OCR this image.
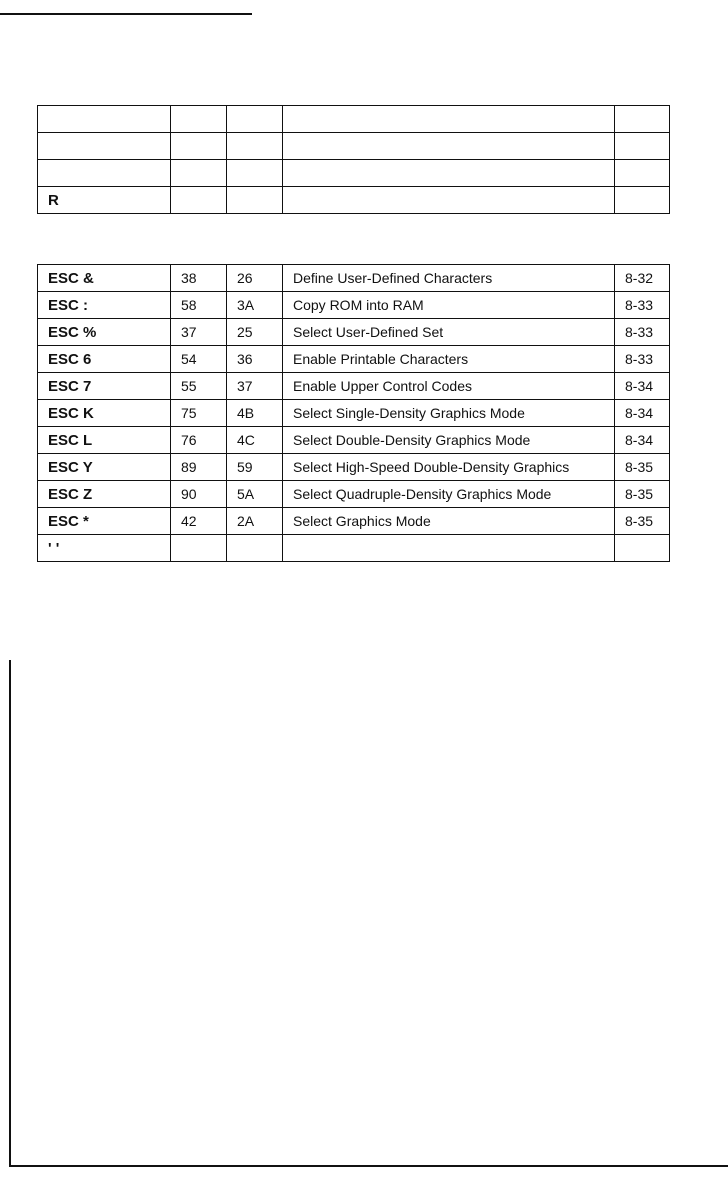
R				
ESC &	38	26	Define User-Defined Characters	8-32
ESC :	58	3A	Copy ROM into RAM	8-33
ESC %	37	25	Select User-Defined Set	8-33
ESC 6	54	36	Enable Printable Characters	8-33
ESC 7	55	37	Enable Upper Control Codes	8-34
ESC K	75	4B	Select Single-Density Graphics Mode	8-34
ESC L	76	4C	Select Double-Density Graphics Mode	8-34
ESC Y	89	59	Select High-Speed Double-Density Graphics	8-35
ESC Z	90	5A	Select Quadruple-Density Graphics Mode	8-35
ESC *	42	2A	Select Graphics Mode	8-35
' '				
